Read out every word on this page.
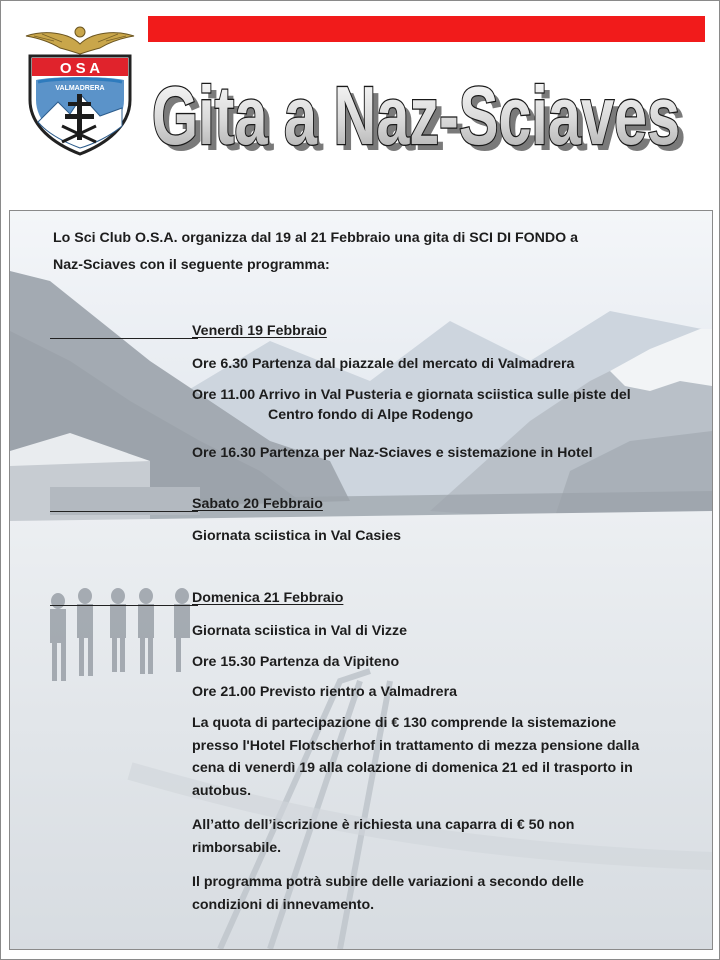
O S A
VALMADRERA Gita a Naz-Sciaves
Gita a Naz-Sciaves
Lo Sci Club O.S.A. organizza dal 19 al 21 Febbraio una gita di SCI DI FONDO a
Naz-Sciaves con il seguente programma:
Venerdì 19 Febbraio
Ore 6.30 Partenza dal piazzale del mercato di Valmadrera
Ore 11.00 Arrivo in Val Pusteria e giornata sciistica sulle piste del
Centro fondo di Alpe Rodengo
Ore 16.30 Partenza per Naz-Sciaves e sistemazione in Hotel
Sabato 20 Febbraio
Giornata sciistica in Val Casies
Domenica 21 Febbraio
Giornata sciistica in Val di Vizze
Ore 15.30 Partenza da Vipiteno
Ore 21.00 Previsto rientro a Valmadrera
La quota di partecipazione di € 130 comprende la sistemazione presso l'Hotel Flotscherhof in trattamento di mezza pensione dalla cena di venerdì 19 alla colazione di domenica 21 ed il trasporto in autobus.
All’atto dell’iscrizione è richiesta una caparra di € 50 non rimborsabile.
Il programma potrà subire delle variazioni a secondo delle condizioni di innevamento.
